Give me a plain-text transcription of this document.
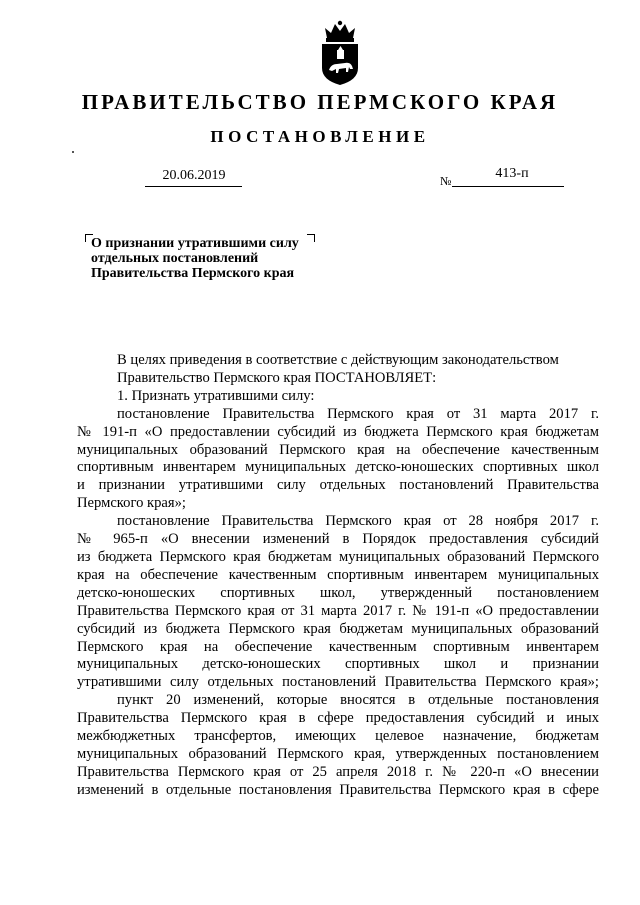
ПРАВИТЕЛЬСТВО ПЕРМСКОГО КРАЯ
ПОСТАНОВЛЕНИЕ
20.06.2019	№	413-п
О признании утратившими силу
отдельных постановлений
Правительства Пермского края
В целях приведения в соответствие с действующим законодательством
Правительство Пермского края ПОСТАНОВЛЯЕТ:
1. Признать утратившими силу:
постановление Правительства Пермского края от 31 марта 2017 г.
№ 191-п «О предоставлении субсидий из бюджета Пермского края бюджетам
муниципальных образований Пермского края на обеспечение качественным
спортивным инвентарем муниципальных детско-юношеских спортивных школ
и признании утратившими силу отдельных постановлений Правительства
Пермского края»;
постановление Правительства Пермского края от 28 ноября 2017 г.
№ 965-п «О внесении изменений в Порядок предоставления субсидий
из бюджета Пермского края бюджетам муниципальных образований Пермского
края на обеспечение качественным спортивным инвентарем муниципальных
детско-юношеских спортивных школ, утвержденный постановлением
Правительства Пермского края от 31 марта 2017 г. № 191-п «О предоставлении
субсидий из бюджета Пермского края бюджетам муниципальных образований
Пермского края на обеспечение качественным спортивным инвентарем
муниципальных детско-юношеских спортивных школ и признании
утратившими силу отдельных постановлений Правительства Пермского края»;
пункт 20 изменений, которые вносятся в отдельные постановления
Правительства Пермского края в сфере предоставления субсидий и иных
межбюджетных трансфертов, имеющих целевое назначение, бюджетам
муниципальных образований Пермского края, утвержденных постановлением
Правительства Пермского края от 25 апреля 2018 г. № 220-п «О внесении
изменений в отдельные постановления Правительства Пермского края в сфере
